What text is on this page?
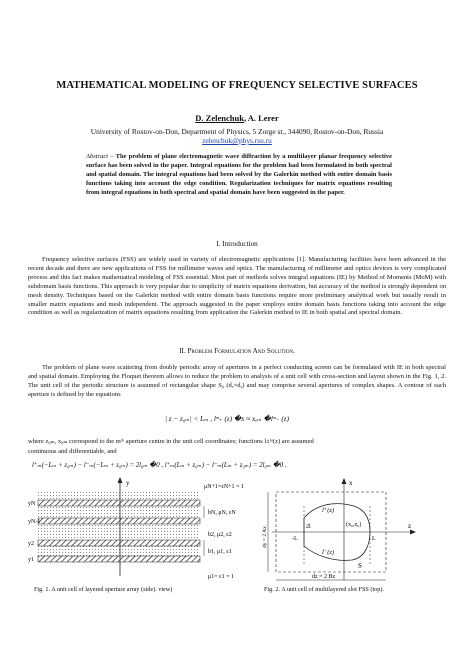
MATHEMATICAL MODELING OF FREQUENCY SELECTIVE SURFACES
D. Zelenchuk, A. Lerer
University of Rostov-on-Don, Department of Physics, 5 Zorge st., 344090, Rostov-on-Don, Russia
zelenchuk@phys.rsu.ru
Abstract – The problem of plane electromagnetic wave diffraction by a multilayer planar frequency selective surface has been solved in the paper. Integral equations for the problem had been formulated in both spectral and spatial domain. The integral equations had been solved by the Galerkin method with entire domain basis functions taking into account the edge condition. Regularization techniques for matrix equations resulting from integral equations in both spectral and spatial domain have been suggested in the paper.
I. Introduction
Frequency selective surfaces (FSS) are widely used in variety of electromagnetic applications [1]. Manufacturing facilities have been advanced in the recent decade and there are new applications of FSS for millimeter waves and optics. The manufacturing of millimeter and optics devices is very complicated process and this fact makes mathematical modeling of FSS essential. Most part of methods solves integral equations (IE) by Method of Moments (MoM) with subdomain basis functions. This approach is very popular due to simplicity of matrix equations derivation, but accuracy of the method is strongly dependent on mesh density. Techniques based on the Galerkin method with entire domain basis functions require more preliminary analytical work but usually result in smaller matrix equations and mesh independent. The approach suggested in the paper employs entire domain basis functions taking into account the edge condition as well as regularization of matrix equations resulting from application the Galerkin method to IE in both spatial and spectral domain.
II. Problem Formulation And Solution.
The problem of plane wave scattering from doubly periodic array of apertures in a perfect conducting screen can be formulated with IE in both spectral and spatial domain. Employing the Floquet theorem allows to reduce the problem to analysis of a unit cell with cross-section and layout shown in the Fig. 1, 2. The unit cell of the periodic structure is assumed of rectangular shape S₀ (dₓ×dᵧ) and may comprise several apertures of complex shapes. A contour of each aperture is defined by the equations
| z − z₀ₘ| < Lₘ , lᵐ₊ (z) �x ≈ xₒₘ �lᵐ₋ (z)
where z₀ₘ, x₀ₘ correspond to the mᵗʰ aperture centre in the unit cell coordinates; functions l±ᵐ(z) are assumed
continuous and differentiable, and
l⁺ₘ(−Lₘ + z₀ₘ) − l⁻ₘ(−Lₘ + z₀ₘ) = 2l₀ₘ �0 , l⁺ₘ(Lₘ + z₀ₘ) − l⁻ₘ(Lₘ + z₀ₘ) = 2l₀ₘ �0 .
y
yN
yN-1
y2
y1
μN+1=εN+1 = 1
bN, μN, εN
b2, μ2, ε2
b1, μ1, ε1
μ1= ε1 = 1
Fig. 1. A unit cell of layered aperture array (side). view)
x
z
l⁺(z)
l⁻(z)
(x₀,z₀)
2l
-L	L
S
dy = 2 Ax
dz = 2 Bz
Fig. 2. A unit cell of multilayered slot FSS (top).
